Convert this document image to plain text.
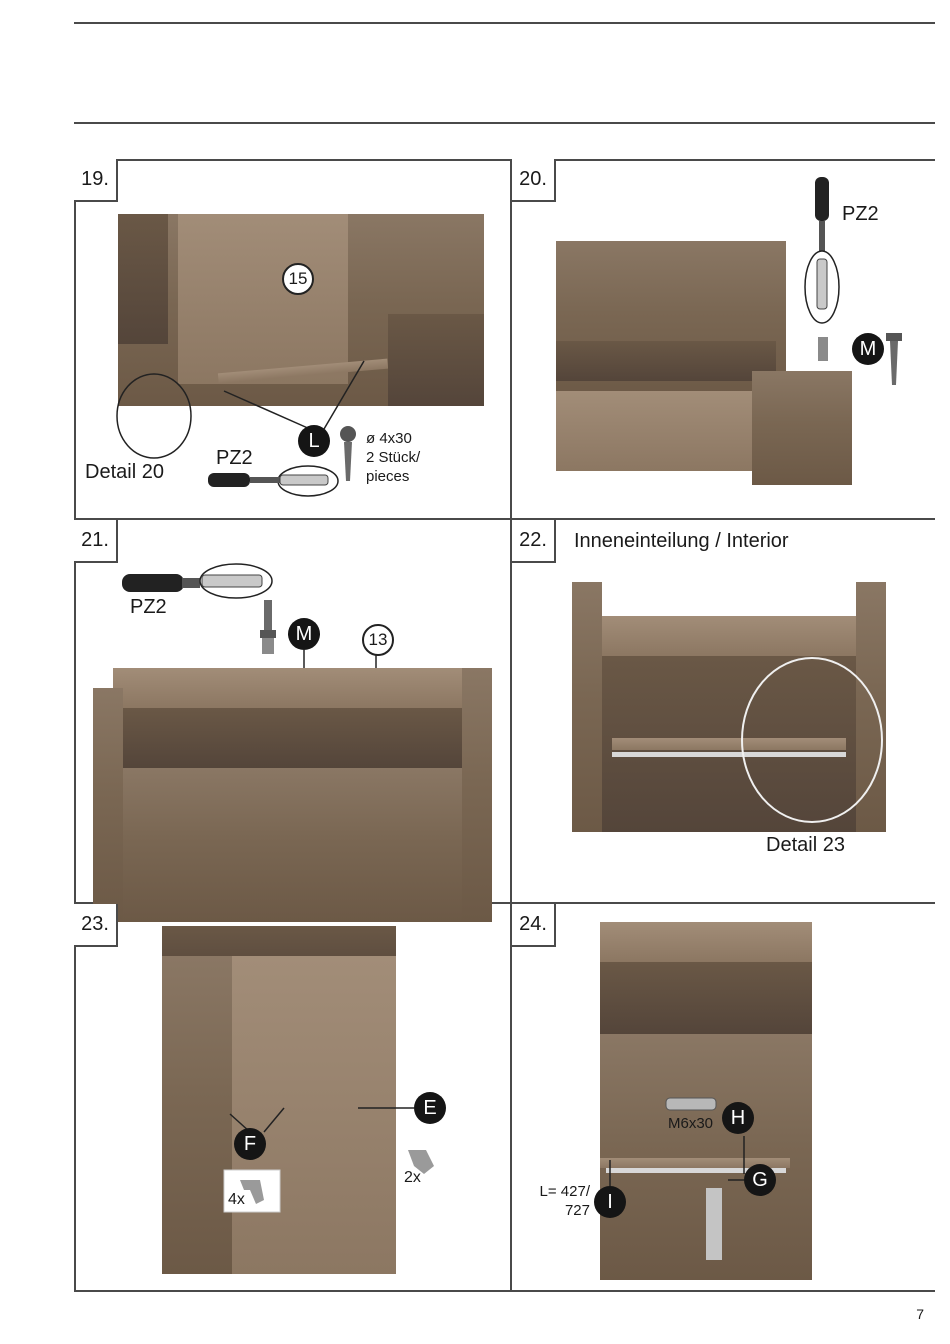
19.
15
L	ø 4x30
2 Stück/
pieces
PZ2
Detail 20
20.
PZ2
M
21.
PZ2
M	13
22.	Inneneinteilung / Interior
Detail 23
23.
E
F
4x
2x
24.
M6x30 H
G
I
L= 427/
727
7
